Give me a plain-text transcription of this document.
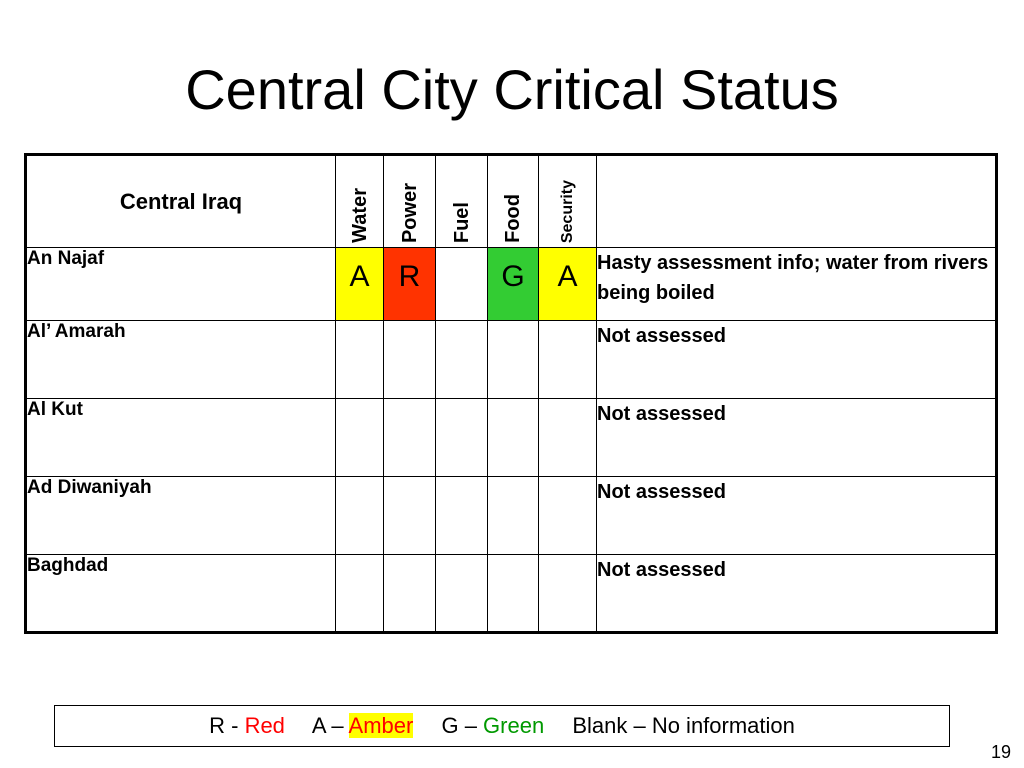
Central City Critical Status
Central Iraq	Water	Power	Fuel	Food	Security	

An Najaf	A	R		G	A	Hasty assessment info; water from rivers being boiled
Al’ Amarah						Not assessed
Al Kut						Not assessed
Ad Diwaniyah						Not assessed
Baghdad						Not assessed
R - Red A – Amber G – Green Blank – No information
19
